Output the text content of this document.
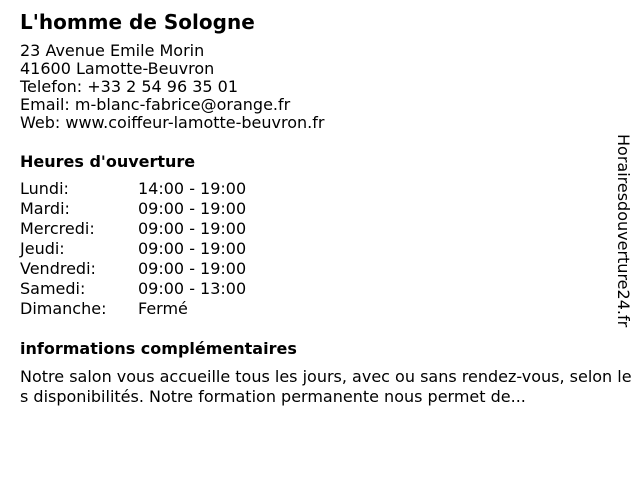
L'homme de Sologne
23 Avenue Emile Morin
41600 Lamotte-Beuvron
Telefon: +33 2 54 96 35 01
Email: m-blanc-fabrice@orange.fr
Web: www.coiffeur-lamotte-beuvron.fr
Heures d'ouverture
Lundi:	14:00 - 19:00
Mardi:	09:00 - 19:00
Mercredi:	09:00 - 19:00
Jeudi:	09:00 - 19:00
Vendredi:	09:00 - 19:00
Samedi:	09:00 - 13:00
Dimanche:	Fermé
informations complémentaires
Notre salon vous accueille tous les jours, avec ou sans rendez-vous, selon les disponibilités. Notre formation permanente nous permet de...
Horairesdouverture24.fr
